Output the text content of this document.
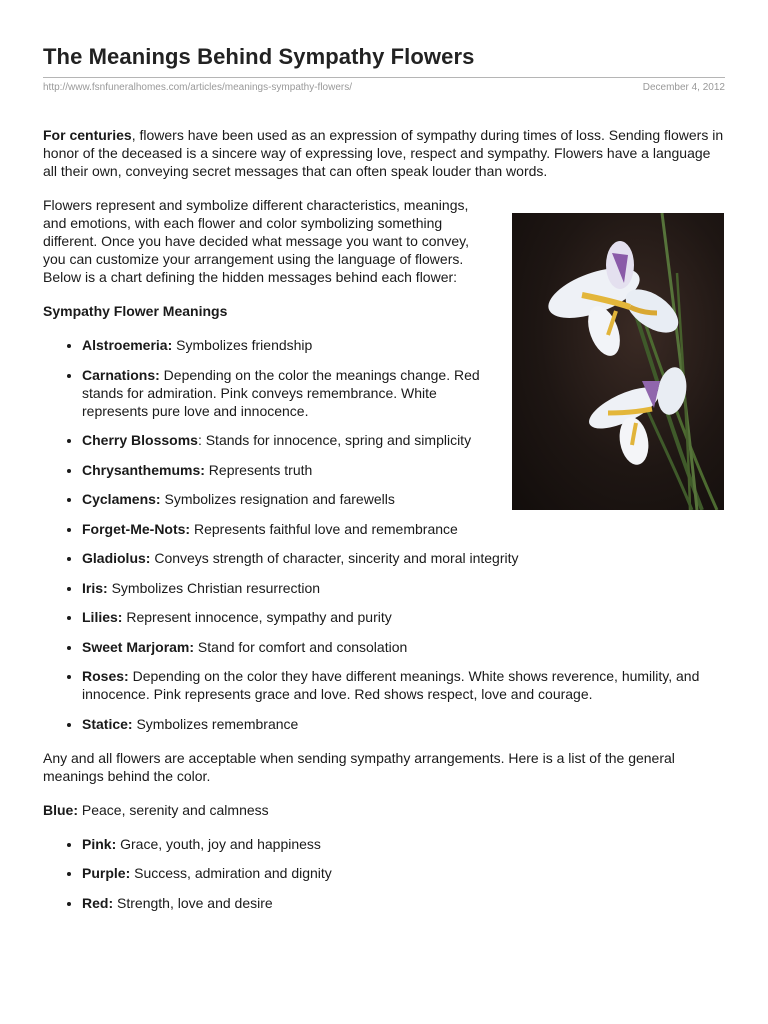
The Meanings Behind Sympathy Flowers
http://www.fsnfuneralhomes.com/articles/meanings-sympathy-flowers/	December 4, 2012

For centuries, flowers have been used as an expression of sympathy during times of loss. Sending flowers in honor of the deceased is a sincere way of expressing love, respect and sympathy. Flowers have a language all their own, conveying secret messages that can often speak louder than words.

Flowers represent and symbolize different characteristics, meanings, and emotions, with each flower and color symbolizing something different. Once you have decided what message you want to convey, you can customize your arrangement using the language of flowers. Below is a chart defining the hidden messages behind each flower:

Sympathy Flower Meanings

• Alstroemeria: Symbolizes friendship
• Carnations: Depending on the color the meanings change. Red stands for admiration. Pink conveys remembrance. White represents pure love and innocence.
• Cherry Blossoms: Stands for innocence, spring and simplicity
• Chrysanthemums: Represents truth
• Cyclamens: Symbolizes resignation and farewells
• Forget-Me-Nots: Represents faithful love and remembrance
• Gladiolus: Conveys strength of character, sincerity and moral integrity
• Iris: Symbolizes Christian resurrection
• Lilies: Represent innocence, sympathy and purity
• Sweet Marjoram: Stand for comfort and consolation
• Roses: Depending on the color they have different meanings. White shows reverence, humility, and innocence. Pink represents grace and love. Red shows respect, love and courage.
• Statice: Symbolizes remembrance

Any and all flowers are acceptable when sending sympathy arrangements. Here is a list of the general meanings behind the color.

Blue: Peace, serenity and calmness

• Pink: Grace, youth, joy and happiness
• Purple: Success, admiration and dignity
• Red: Strength, love and desire
